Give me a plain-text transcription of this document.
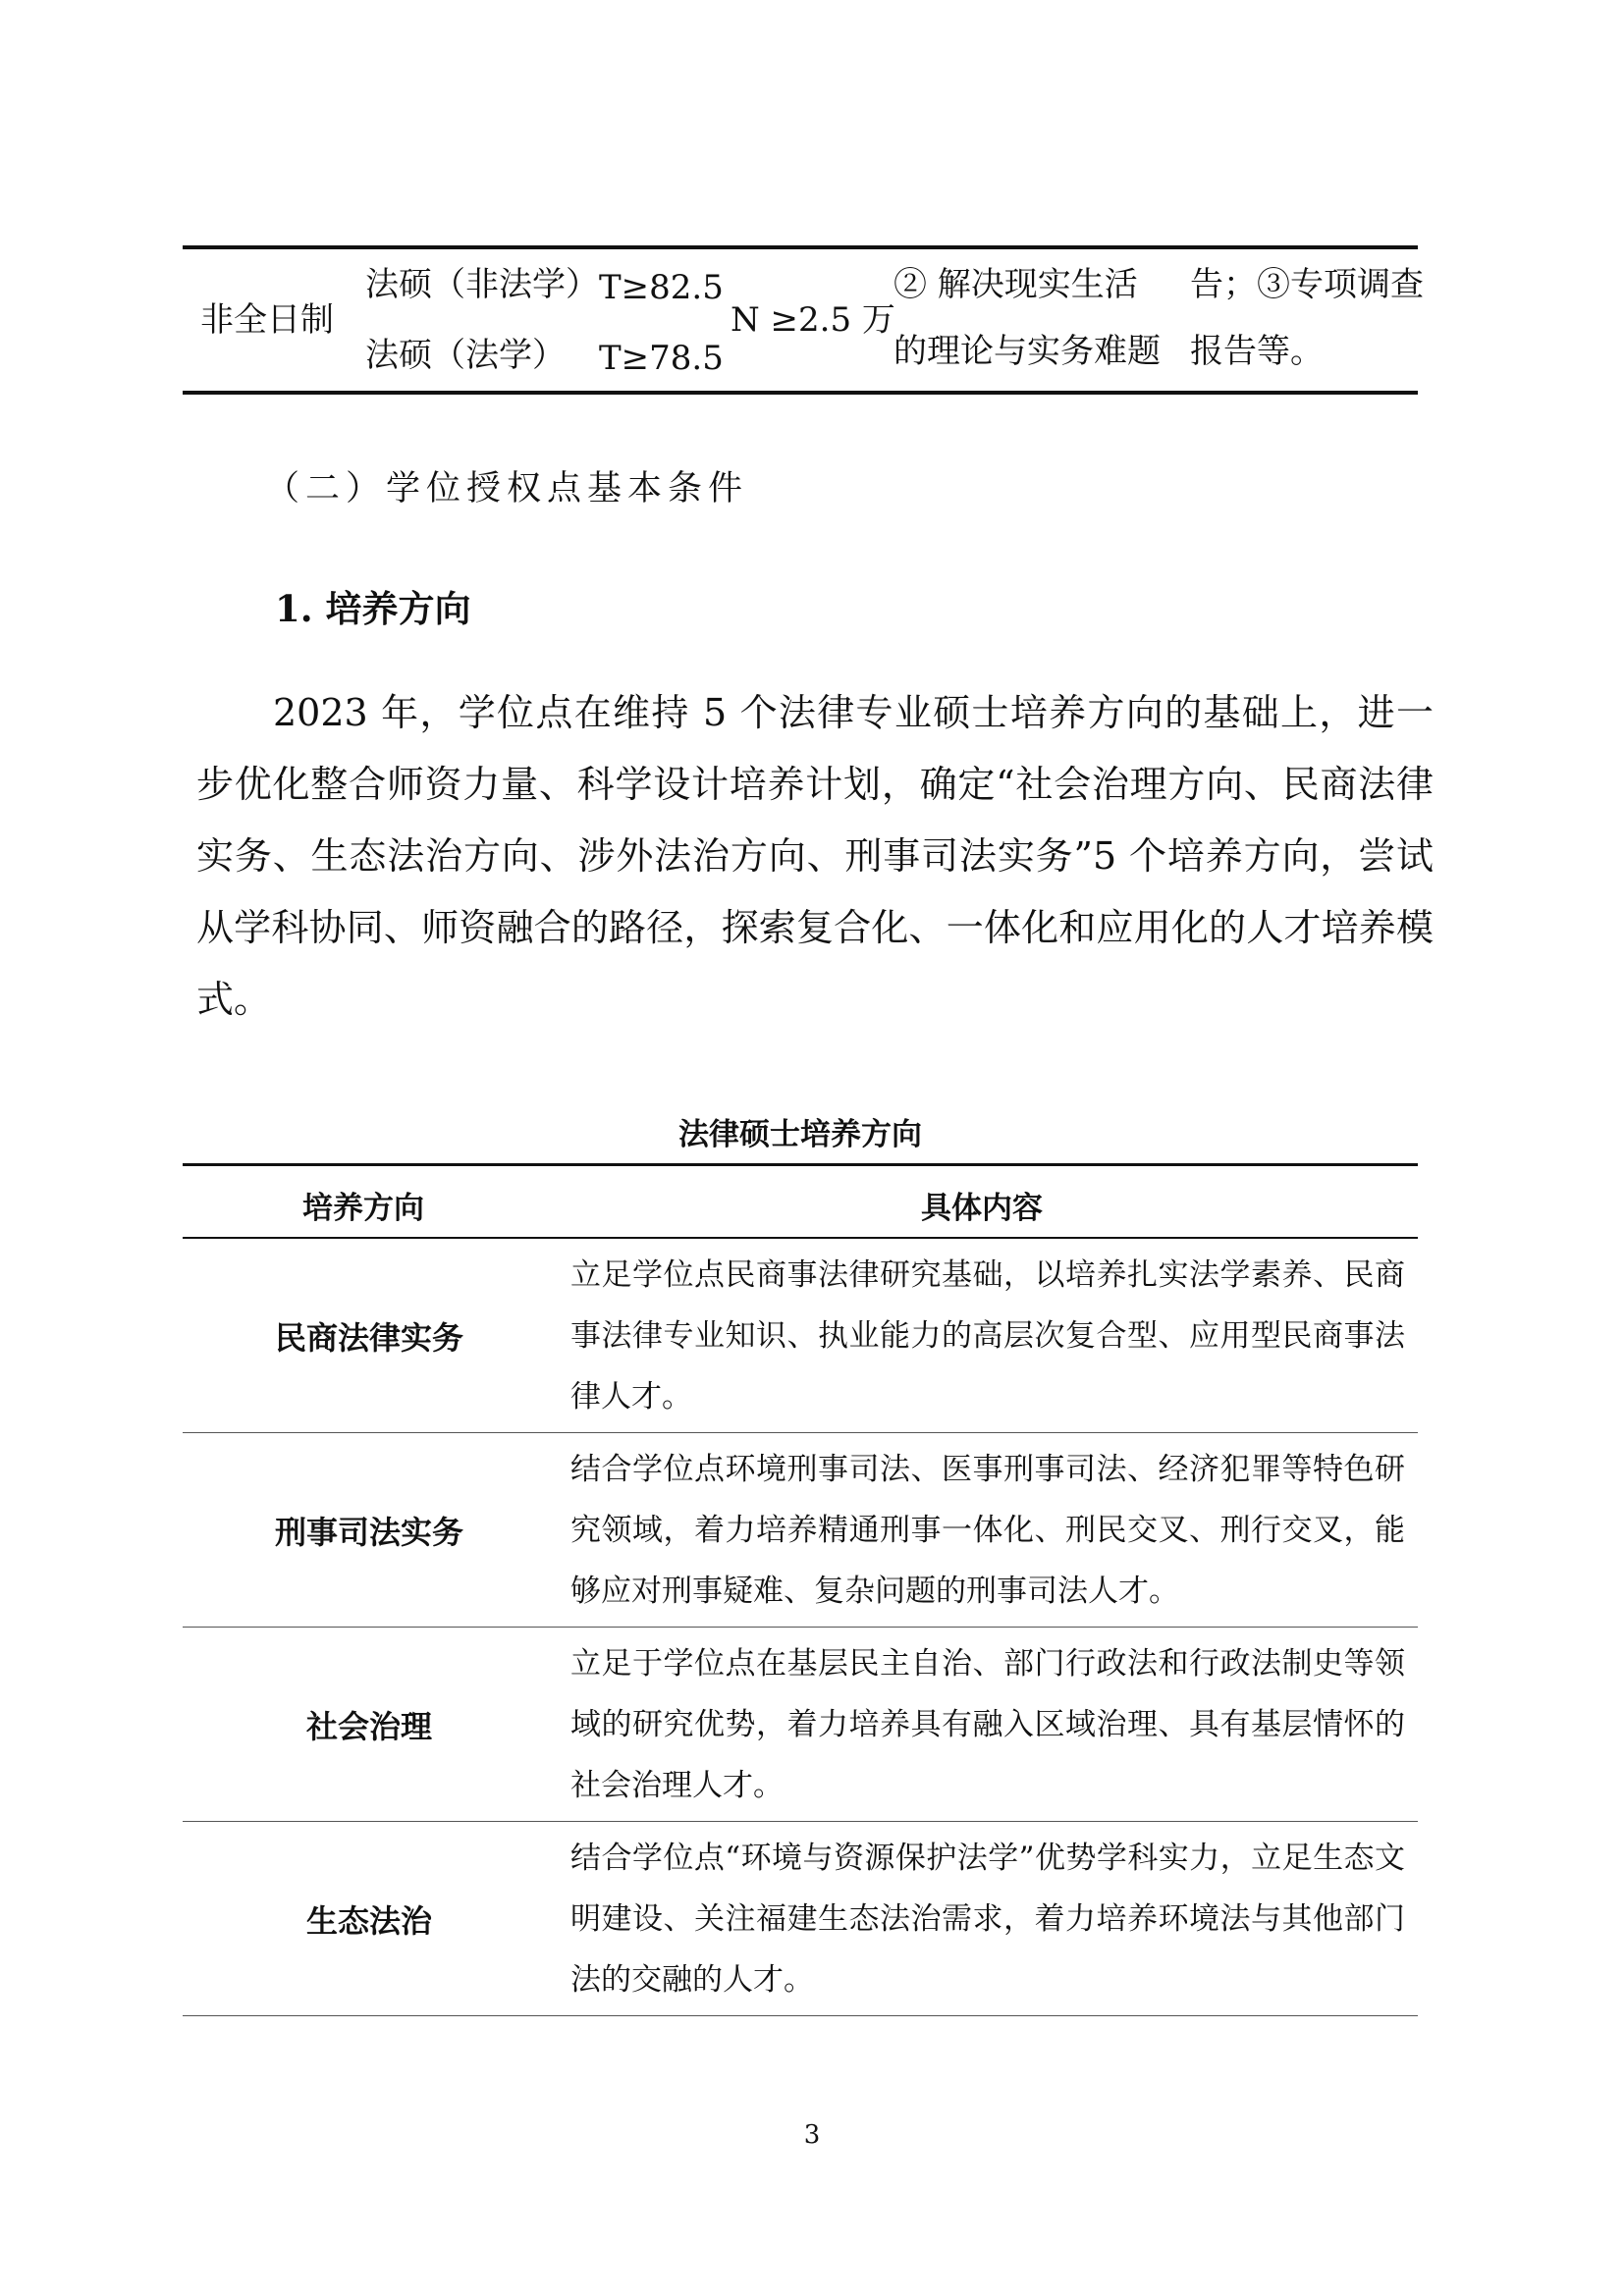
非全日制
法硕（非法学）
法硕（法学）
T≥82.5
T≥78.5
N ≥2.5 万
② 解决现实生活
的理论与实务难题
告；③专项调查
报告等。
（二）学位授权点基本条件
1. 培养方向

2023 年，学位点在维持 5 个法律专业硕士培养方向的基础上，进一步优化整合师资力量、科学设计培养计划，确定“社会治理方向、民商法律实务、生态法治方向、涉外法治方向、刑事司法实务”5 个培养方向，尝试从学科协同、师资融合的路径，探索复合化、一体化和应用化的人才培养模式。

法律硕士培养方向
培养方向	具体内容
民商法律实务
立足学位点民商事法律研究基础，以培养扎实法学素养、民商事法律专业知识、执业能力的高层次复合型、应用型民商事法律人才。
刑事司法实务
结合学位点环境刑事司法、医事刑事司法、经济犯罪等特色研究领域，着力培养精通刑事一体化、刑民交叉、刑行交叉，能够应对刑事疑难、复杂问题的刑事司法人才。
社会治理
立足于学位点在基层民主自治、部门行政法和行政法制史等领域的研究优势，着力培养具有融入区域治理、具有基层情怀的社会治理人才。
生态法治
结合学位点“环境与资源保护法学”优势学科实力，立足生态文明建设、关注福建生态法治需求，着力培养环境法与其他部门法的交融的人才。
3
